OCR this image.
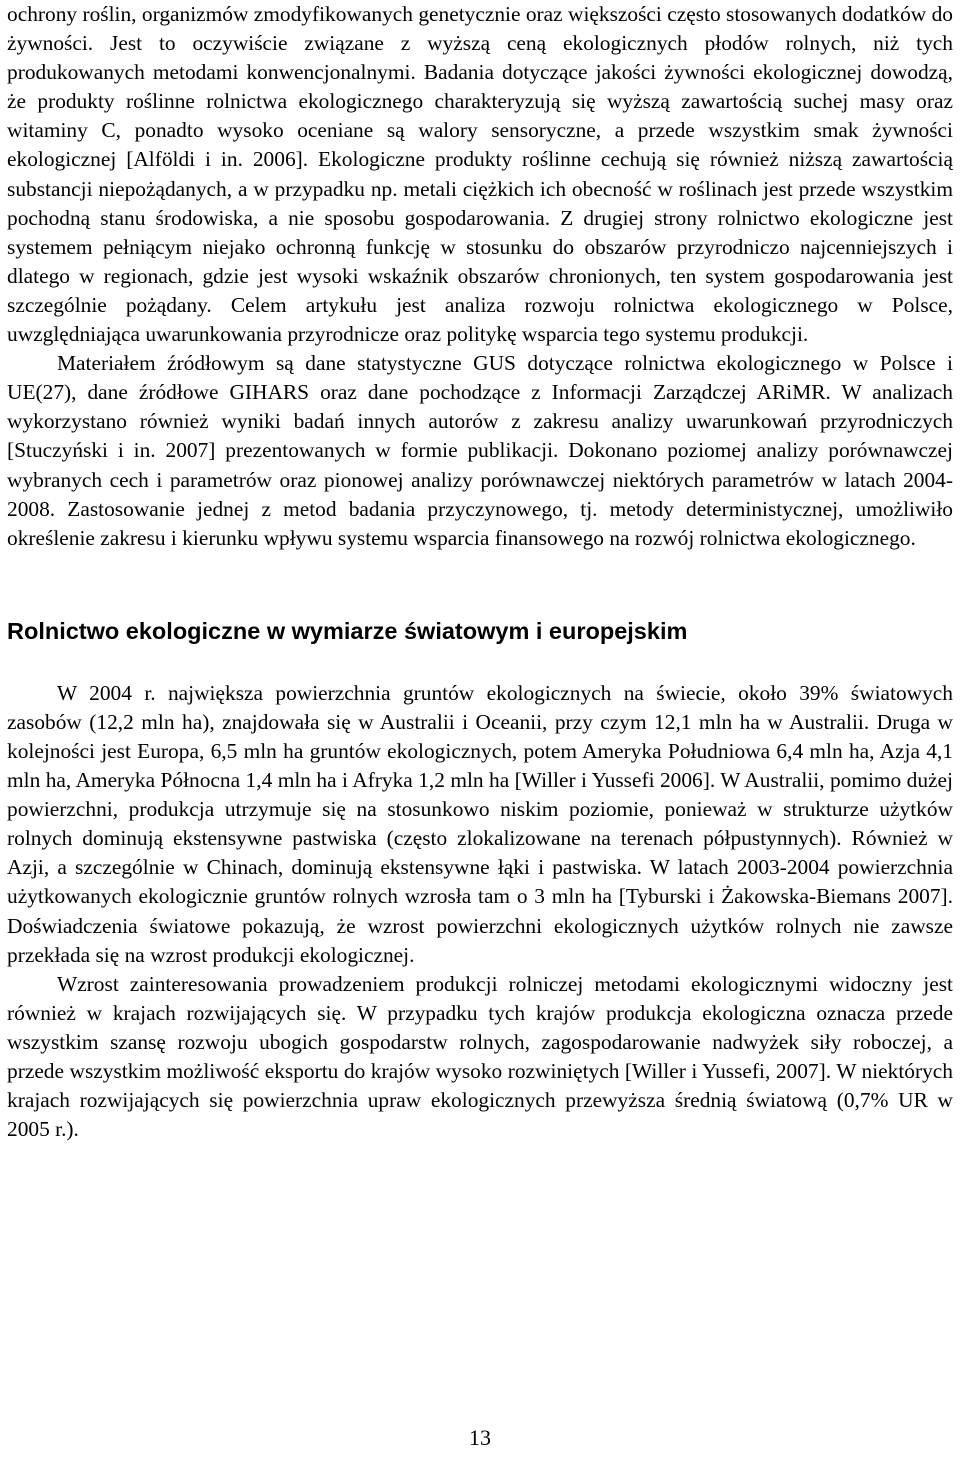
ochrony roślin, organizmów zmodyfikowanych genetycznie oraz większości często stosowanych dodatków do żywności. Jest to oczywiście związane z wyższą ceną ekologicznych płodów rolnych, niż tych produkowanych metodami konwencjonalnymi. Badania dotyczące jakości żywności ekologicznej dowodzą, że produkty roślinne rolnictwa ekologicznego charakteryzują się wyższą zawartością suchej masy oraz witaminy C, ponadto wysoko oceniane są walory sensoryczne, a przede wszystkim smak żywności ekologicznej [Alföldi i in. 2006]. Ekologiczne produkty roślinne cechują się również niższą zawartością substancji niepożądanych, a w przypadku np. metali ciężkich ich obecność w roślinach jest przede wszystkim pochodną stanu środowiska, a nie sposobu gospodarowania. Z drugiej strony rolnictwo ekologiczne jest systemem pełniącym niejako ochronną funkcję w stosunku do obszarów przyrodniczo najcenniejszych i dlatego w regionach, gdzie jest wysoki wskaźnik obszarów chronionych, ten system gospodarowania jest szczególnie pożądany. Celem artykułu jest analiza rozwoju rolnictwa ekologicznego w Polsce, uwzględniająca uwarunkowania przyrodnicze oraz politykę wsparcia tego systemu produkcji.

Materiałem źródłowym są dane statystyczne GUS dotyczące rolnictwa ekologicznego w Polsce i UE(27), dane źródłowe GIHARS oraz dane pochodzące z Informacji Zarządczej ARiMR. W analizach wykorzystano również wyniki badań innych autorów z zakresu analizy uwarunkowań przyrodniczych [Stuczyński i in. 2007] prezentowanych w formie publikacji. Dokonano poziomej analizy porównawczej wybranych cech i parametrów oraz pionowej analizy porównawczej niektórych parametrów w latach 2004-2008. Zastosowanie jednej z metod badania przyczynowego, tj. metody deterministycznej, umożliwiło określenie zakresu i kierunku wpływu systemu wsparcia finansowego na rozwój rolnictwa ekologicznego.

Rolnictwo ekologiczne w wymiarze światowym i europejskim

W 2004 r. największa powierzchnia gruntów ekologicznych na świecie, około 39% światowych zasobów (12,2 mln ha), znajdowała się w Australii i Oceanii, przy czym 12,1 mln ha w Australii. Druga w kolejności jest Europa, 6,5 mln ha gruntów ekologicznych, potem Ameryka Południowa 6,4 mln ha, Azja 4,1 mln ha, Ameryka Północna 1,4 mln ha i Afryka 1,2 mln ha [Willer i Yussefi 2006]. W Australii, pomimo dużej powierzchni, produkcja utrzymuje się na stosunkowo niskim poziomie, ponieważ w strukturze użytków rolnych dominują ekstensywne pastwiska (często zlokalizowane na terenach półpustynnych). Również w Azji, a szczególnie w Chinach, dominują ekstensywne łąki i pastwiska. W latach 2003-2004 powierzchnia użytkowanych ekologicznie gruntów rolnych wzrosła tam o 3 mln ha [Tyburski i Żakowska-Biemans 2007]. Doświadczenia światowe pokazują, że wzrost powierzchni ekologicznych użytków rolnych nie zawsze przekłada się na wzrost produkcji ekologicznej.

Wzrost zainteresowania prowadzeniem produkcji rolniczej metodami ekologicznymi widoczny jest również w krajach rozwijających się. W przypadku tych krajów produkcja ekologiczna oznacza przede wszystkim szansę rozwoju ubogich gospodarstw rolnych, zagospodarowanie nadwyżek siły roboczej, a przede wszystkim możliwość eksportu do krajów wysoko rozwiniętych [Willer i Yussefi, 2007]. W niektórych krajach rozwijających się powierzchnia upraw ekologicznych przewyższa średnią światową (0,7% UR w 2005 r.).

13
